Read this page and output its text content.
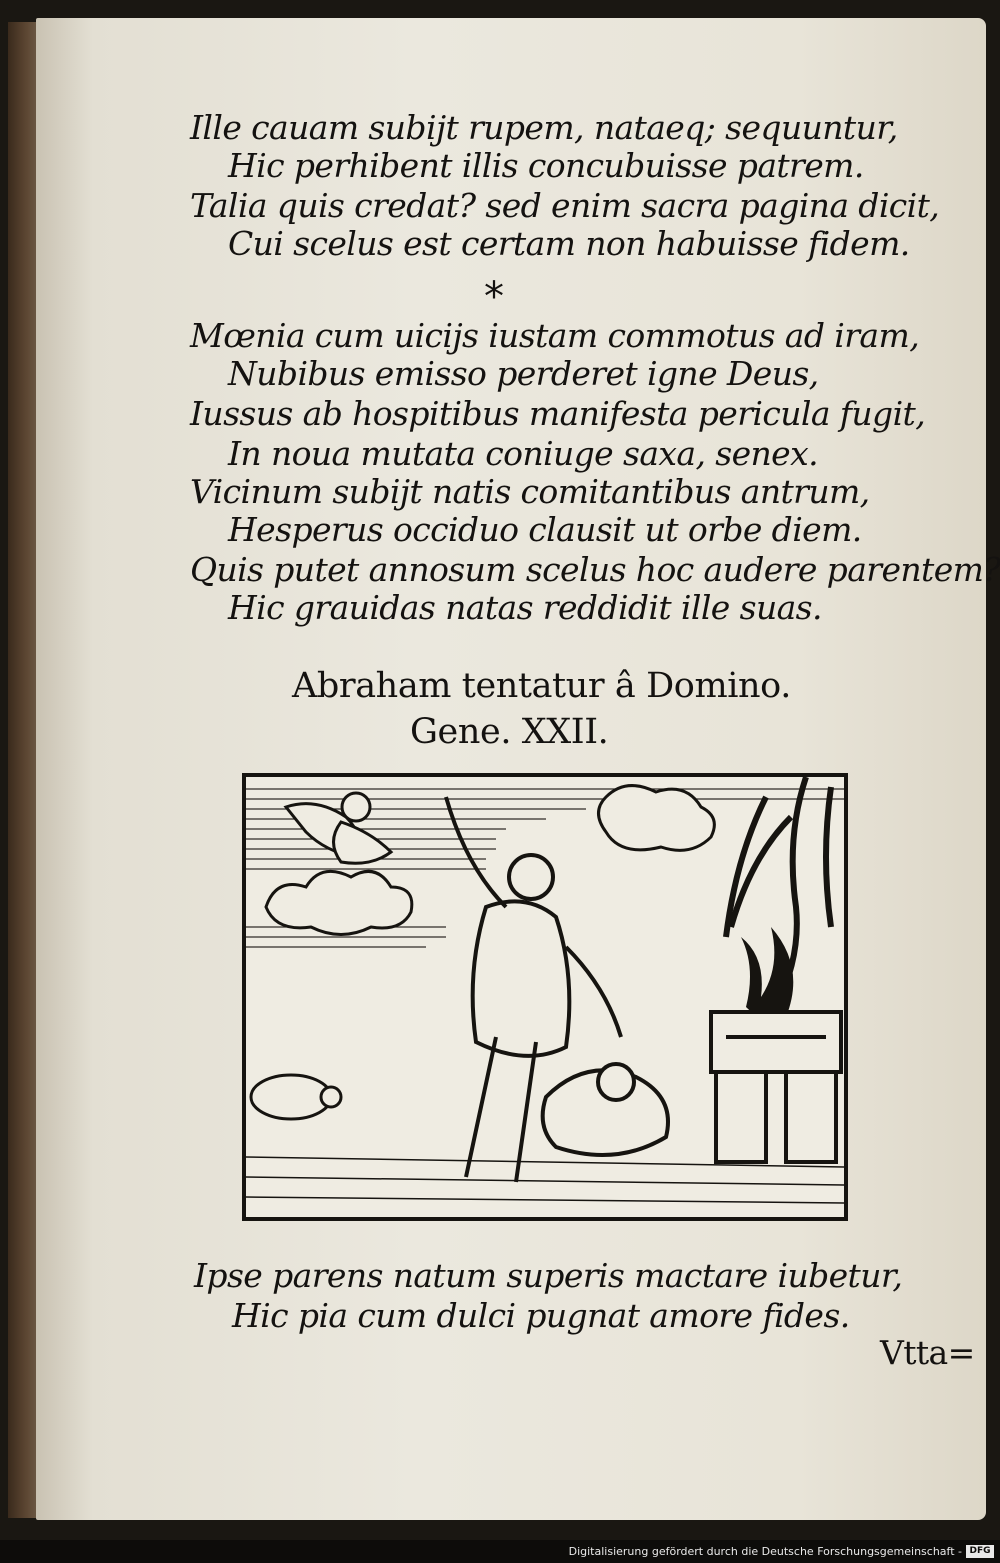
Ille cauam subijt rupem, nataeq; sequuntur,
Hic perhibent illis concubuisse patrem.
Talia quis credat? sed enim sacra pagina dicit,
Cui scelus est certam non habuisse fidem.
*
Mœnia cum uicijs iustam commotus ad iram,
Nubibus emisso perderet igne Deus,
Iussus ab hospitibus manifesta pericula fugit,
In noua mutata coniuge saxa, senex.
Vicinum subijt natis comitantibus antrum,
Hesperus occiduo clausit ut orbe diem.
Quis putet annosum scelus hoc audere parentem?
Hic grauidas natas reddidit ille suas.
Abraham tentatur â Domino.
Gene. XXII.
Ipse parens natum superis mactare iubetur,
Hic pia cum dulci pugnat amore fides.
Vtta=
Digitalisierung gefördert durch die Deutsche Forschungsgemeinschaft - DFG
